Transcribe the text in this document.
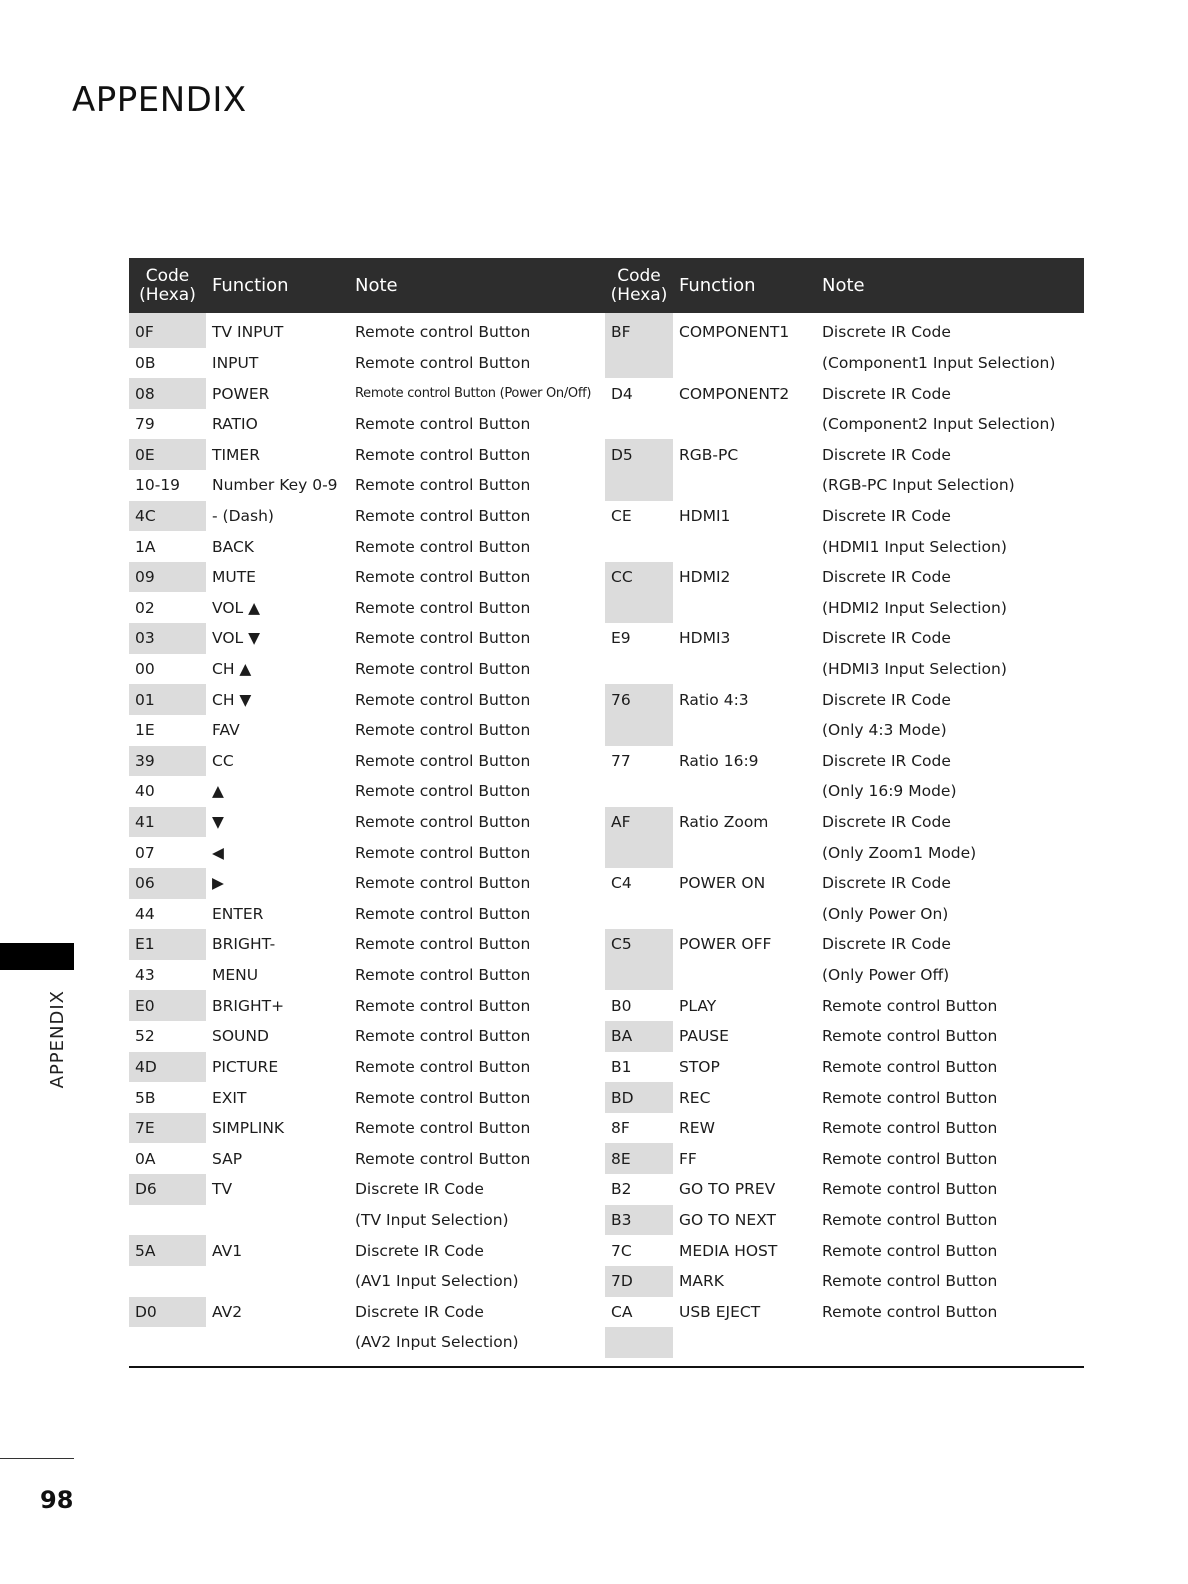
APPENDIX
Code (Hexa)	Function	Note	Code (Hexa)	Function	Note
0F	TV INPUT	Remote control Button	BF	COMPONENT1	Discrete IR Code
0B	INPUT	Remote control Button			(Component1 Input Selection)
08	POWER	Remote control Button (Power On/Off)	D4	COMPONENT2	Discrete IR Code
79	RATIO	Remote control Button			(Component2 Input Selection)
0E	TIMER	Remote control Button	D5	RGB-PC	Discrete IR Code
10-19	Number Key 0-9	Remote control Button			(RGB-PC Input Selection)
4C	- (Dash)	Remote control Button	CE	HDMI1	Discrete IR Code
1A	BACK	Remote control Button			(HDMI1 Input Selection)
09	MUTE	Remote control Button	CC	HDMI2	Discrete IR Code
02	VOL ▲	Remote control Button			(HDMI2 Input Selection)
03	VOL ▼	Remote control Button	E9	HDMI3	Discrete IR Code
00	CH ▲	Remote control Button			(HDMI3 Input Selection)
01	CH ▼	Remote control Button	76	Ratio 4:3	Discrete IR Code
1E	FAV	Remote control Button			(Only 4:3 Mode)
39	CC	Remote control Button	77	Ratio 16:9	Discrete IR Code
40	▲	Remote control Button			(Only 16:9 Mode)
41	▼	Remote control Button	AF	Ratio Zoom	Discrete IR Code
07	◀	Remote control Button			(Only Zoom1 Mode)
06	▶	Remote control Button	C4	POWER ON	Discrete IR Code
44	ENTER	Remote control Button			(Only Power On)
E1	BRIGHT-	Remote control Button	C5	POWER OFF	Discrete IR Code
43	MENU	Remote control Button			(Only Power Off)
E0	BRIGHT+	Remote control Button	B0	PLAY	Remote control Button
52	SOUND	Remote control Button	BA	PAUSE	Remote control Button
4D	PICTURE	Remote control Button	B1	STOP	Remote control Button
5B	EXIT	Remote control Button	BD	REC	Remote control Button
7E	SIMPLINK	Remote control Button	8F	REW	Remote control Button
0A	SAP	Remote control Button	8E	FF	Remote control Button
D6	TV	Discrete IR Code	B2	GO TO PREV	Remote control Button
		(TV Input Selection)	B3	GO TO NEXT	Remote control Button
5A	AV1	Discrete IR Code	7C	MEDIA HOST	Remote control Button
		(AV1 Input Selection)	7D	MARK	Remote control Button
D0	AV2	Discrete IR Code	CA	USB EJECT	Remote control Button
		(AV2 Input Selection)			

APPENDIX
98
